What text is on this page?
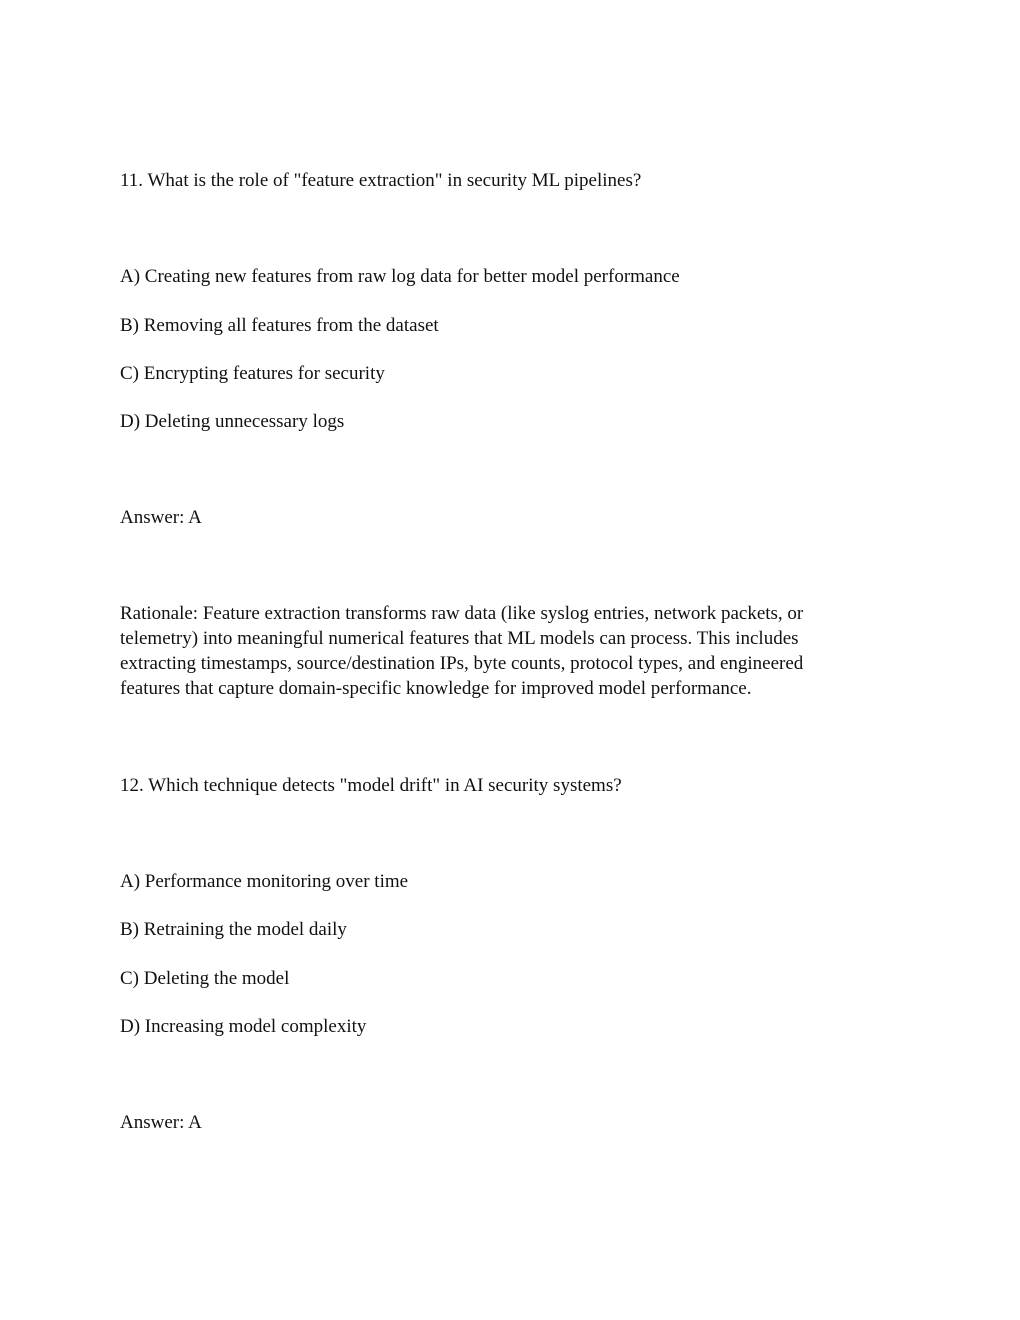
11. What is the role of "feature extraction" in security ML pipelines?
A) Creating new features from raw log data for better model performance
B) Removing all features from the dataset
C) Encrypting features for security
D) Deleting unnecessary logs
Answer: A
Rationale: Feature extraction transforms raw data (like syslog entries, network packets, or
telemetry) into meaningful numerical features that ML models can process. This includes
extracting timestamps, source/destination IPs, byte counts, protocol types, and engineered
features that capture domain-specific knowledge for improved model performance.
12. Which technique detects "model drift" in AI security systems?
A) Performance monitoring over time
B) Retraining the model daily
C) Deleting the model
D) Increasing model complexity
Answer: A
